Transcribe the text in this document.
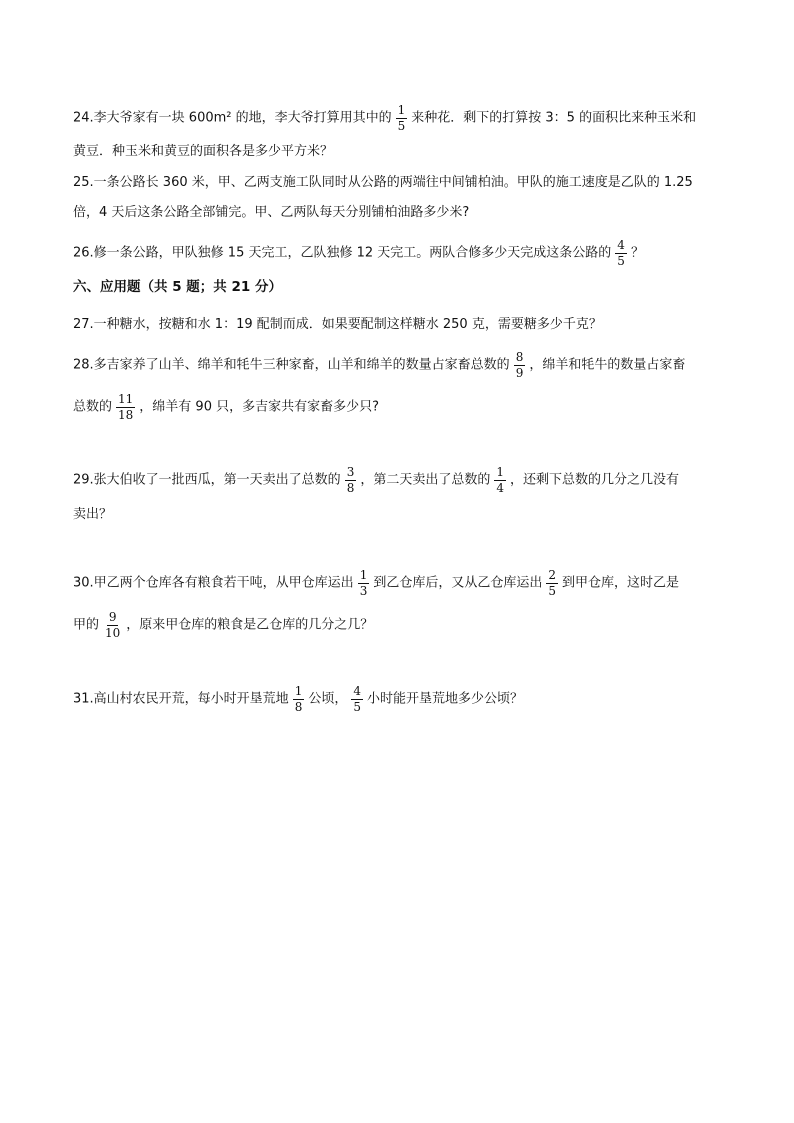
24.李大爷家有一块 600m² 的地，李大爷打算用其中的 $\frac{1}{5}$ 来种花．剩下的打算按 3：5 的面积比来种玉米和
黄豆．种玉米和黄豆的面积各是多少平方米？
25.一条公路长 360 米，甲、乙两支施工队同时从公路的两端往中间铺柏油。甲队的施工速度是乙队的 1.25
倍，4 天后这条公路全部铺完。甲、乙两队每天分别铺柏油路多少米?
26.修一条公路，甲队独修 15 天完工，乙队独修 12 天完工。两队合修多少天完成这条公路的 $\frac{4}{5}$ ？
六、应用题（共 5 题；共 21 分）
27.一种糖水，按糖和水 1：19 配制而成．如果要配制这样糖水 250 克，需要糖多少千克？
28.多吉家养了山羊、绵羊和牦牛三种家畜，山羊和绵羊的数量占家畜总数的 $\frac{8}{9}$ ，绵羊和牦牛的数量占家畜
总数的 $\frac{11}{18}$ ，绵羊有 90 只，多吉家共有家畜多少只?
29.张大伯收了一批西瓜，第一天卖出了总数的 $\frac{3}{8}$ ，第二天卖出了总数的 $\frac{1}{4}$ ，还剩下总数的几分之几没有
卖出？
30.甲乙两个仓库各有粮食若干吨，从甲仓库运出 $\frac{1}{3}$ 到乙仓库后，又从乙仓库运出 $\frac{2}{5}$ 到甲仓库，这时乙是
甲的 $\frac{9}{10}$ ，原来甲仓库的粮食是乙仓库的几分之几？
31.高山村农民开荒，每小时开垦荒地 $\frac{1}{8}$ 公顷， $\frac{4}{5}$ 小时能开垦荒地多少公顷？
